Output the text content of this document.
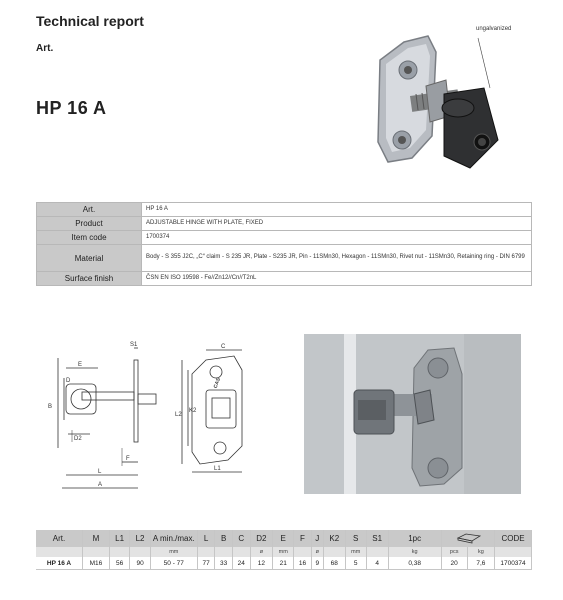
Technical report
Art.
HP 16 A
ungalvanized
Art.	HP 16 A
Product	ADJUSTABLE HINGE WITH PLATE, FIXED
Item code	1700374
Material	Body - S 355 J2C, „C“ claim - S 235 JR, Plate - S235 JR, Pin - 11SMn30, Hexagon - 11SMn30, Rivet nut - 11SMn30, Retaining ring - DIN 6799
Surface finish	ČSN EN ISO 19598 - Fe//Zn12//Cn//T2nL
S1
E
D
B
D2
F
L
A
C
L2
K2
L1
CAS
Art.	M	L1	L2	A min./max.	L	B	C	D2	E	F	J	K2	S	S1	1pc			CODE
				mm				ø	mm		ø		mm		kg	pcs	kg	
HP 16 A	M16	56	90	50 - 77	77	33	24	12	21	16	9	68	5	4	0,38	20	7,6	1700374
